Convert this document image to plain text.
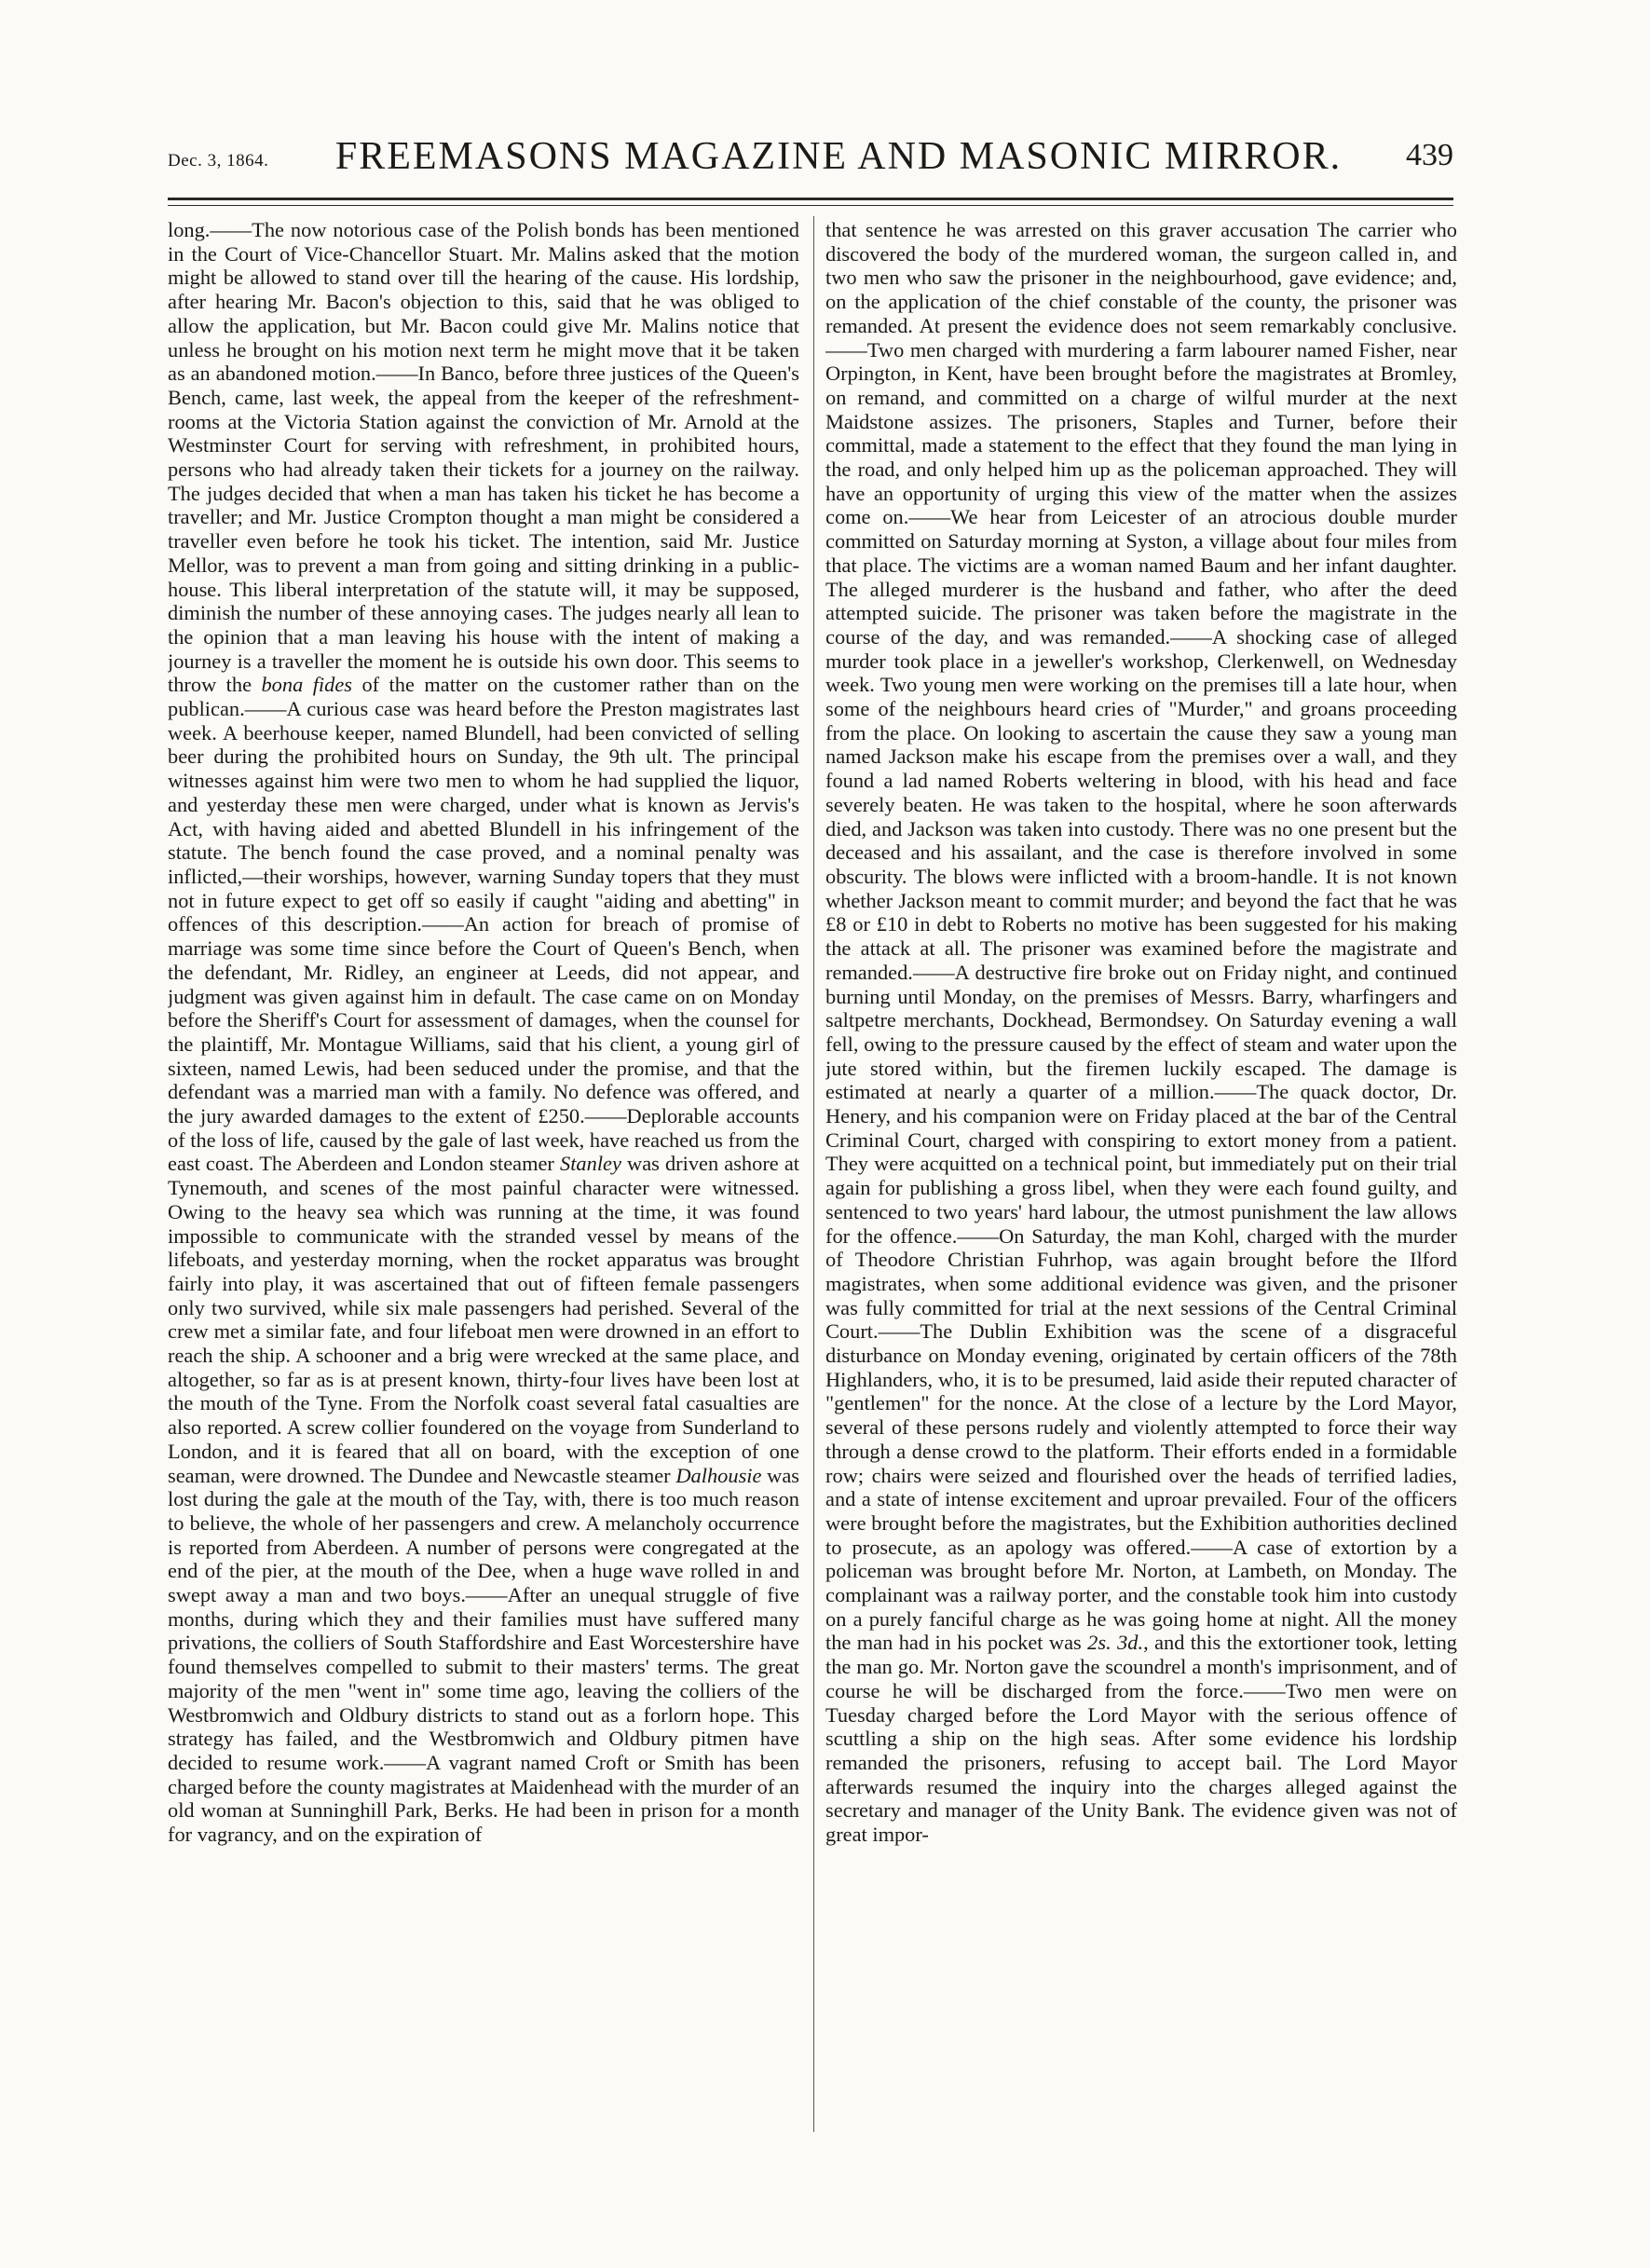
Dec. 3, 1864.	FREEMASONS MAGAZINE AND MASONIC MIRROR.	439

long.——The now notorious case of the Polish bonds has been mentioned in the Court of Vice-Chancellor Stuart. Mr. Malins asked that the motion might be allowed to stand over till the hearing of the cause. His lordship, after hearing Mr. Bacon's objection to this, said that he was obliged to allow the application, but Mr. Bacon could give Mr. Malins notice that unless he brought on his motion next term he might move that it be taken as an abandoned motion.——In Banco, before three justices of the Queen's Bench, came, last week, the appeal from the keeper of the refreshment-rooms at the Victoria Station against the conviction of Mr. Arnold at the Westminster Court for serving with refreshment, in prohibited hours, persons who had already taken their tickets for a journey on the railway. The judges decided that when a man has taken his ticket he has become a traveller; and Mr. Justice Crompton thought a man might be considered a traveller even before he took his ticket. The intention, said Mr. Justice Mellor, was to prevent a man from going and sitting drinking in a public-house. This liberal interpretation of the statute will, it may be supposed, diminish the number of these annoying cases. The judges nearly all lean to the opinion that a man leaving his house with the intent of making a journey is a traveller the moment he is outside his own door. This seems to throw the bona fides of the matter on the customer rather than on the publican.——A curious case was heard before the Preston magistrates last week. A beerhouse keeper, named Blundell, had been convicted of selling beer during the prohibited hours on Sunday, the 9th ult. The principal witnesses against him were two men to whom he had supplied the liquor, and yesterday these men were charged, under what is known as Jervis's Act, with having aided and abetted Blundell in his infringement of the statute. The bench found the case proved, and a nominal penalty was inflicted,—their worships, however, warning Sunday topers that they must not in future expect to get off so easily if caught "aiding and abetting" in offences of this description.——An action for breach of promise of marriage was some time since before the Court of Queen's Bench, when the defendant, Mr. Ridley, an engineer at Leeds, did not appear, and judgment was given against him in default. The case came on on Monday before the Sheriff's Court for assessment of damages, when the counsel for the plaintiff, Mr. Montague Williams, said that his client, a young girl of sixteen, named Lewis, had been seduced under the promise, and that the defendant was a married man with a family. No defence was offered, and the jury awarded damages to the extent of £250.——Deplorable accounts of the loss of life, caused by the gale of last week, have reached us from the east coast. The Aberdeen and London steamer Stanley was driven ashore at Tynemouth, and scenes of the most painful character were witnessed. Owing to the heavy sea which was running at the time, it was found impossible to communicate with the stranded vessel by means of the lifeboats, and yesterday morning, when the rocket apparatus was brought fairly into play, it was ascertained that out of fifteen female passengers only two survived, while six male passengers had perished. Several of the crew met a similar fate, and four lifeboat men were drowned in an effort to reach the ship. A schooner and a brig were wrecked at the same place, and altogether, so far as is at present known, thirty-four lives have been lost at the mouth of the Tyne. From the Norfolk coast several fatal casualties are also reported. A screw collier foundered on the voyage from Sunderland to London, and it is feared that all on board, with the exception of one seaman, were drowned. The Dundee and Newcastle steamer Dalhousie was lost during the gale at the mouth of the Tay, with, there is too much reason to believe, the whole of her passengers and crew. A melancholy occurrence is reported from Aberdeen. A number of persons were congregated at the end of the pier, at the mouth of the Dee, when a huge wave rolled in and swept away a man and two boys.——After an unequal struggle of five months, during which they and their families must have suffered many privations, the colliers of South Staffordshire and East Worcestershire have found themselves compelled to submit to their masters' terms. The great majority of the men "went in" some time ago, leaving the colliers of the Westbromwich and Oldbury districts to stand out as a forlorn hope. This strategy has failed, and the Westbromwich and Oldbury pitmen have decided to resume work.——A vagrant named Croft or Smith has been charged before the county magistrates at Maidenhead with the murder of an old woman at Sunninghill Park, Berks. He had been in prison for a month for vagrancy, and on the expiration of

that sentence he was arrested on this graver accusation The carrier who discovered the body of the murdered woman, the surgeon called in, and two men who saw the prisoner in the neighbourhood, gave evidence; and, on the application of the chief constable of the county, the prisoner was remanded. At present the evidence does not seem remarkably conclusive.——Two men charged with murdering a farm labourer named Fisher, near Orpington, in Kent, have been brought before the magistrates at Bromley, on remand, and committed on a charge of wilful murder at the next Maidstone assizes. The prisoners, Staples and Turner, before their committal, made a statement to the effect that they found the man lying in the road, and only helped him up as the policeman approached. They will have an opportunity of urging this view of the matter when the assizes come on.——We hear from Leicester of an atrocious double murder committed on Saturday morning at Syston, a village about four miles from that place. The victims are a woman named Baum and her infant daughter. The alleged murderer is the husband and father, who after the deed attempted suicide. The prisoner was taken before the magistrate in the course of the day, and was remanded.——A shocking case of alleged murder took place in a jeweller's workshop, Clerkenwell, on Wednesday week. Two young men were working on the premises till a late hour, when some of the neighbours heard cries of "Murder," and groans proceeding from the place. On looking to ascertain the cause they saw a young man named Jackson make his escape from the premises over a wall, and they found a lad named Roberts weltering in blood, with his head and face severely beaten. He was taken to the hospital, where he soon afterwards died, and Jackson was taken into custody. There was no one present but the deceased and his assailant, and the case is therefore involved in some obscurity. The blows were inflicted with a broom-handle. It is not known whether Jackson meant to commit murder; and beyond the fact that he was £8 or £10 in debt to Roberts no motive has been suggested for his making the attack at all. The prisoner was examined before the magistrate and remanded.——A destructive fire broke out on Friday night, and continued burning until Monday, on the premises of Messrs. Barry, wharfingers and saltpetre merchants, Dockhead, Bermondsey. On Saturday evening a wall fell, owing to the pressure caused by the effect of steam and water upon the jute stored within, but the firemen luckily escaped. The damage is estimated at nearly a quarter of a million.——The quack doctor, Dr. Henery, and his companion were on Friday placed at the bar of the Central Criminal Court, charged with conspiring to extort money from a patient. They were acquitted on a technical point, but immediately put on their trial again for publishing a gross libel, when they were each found guilty, and sentenced to two years' hard labour, the utmost punishment the law allows for the offence.——On Saturday, the man Kohl, charged with the murder of Theodore Christian Fuhrhop, was again brought before the Ilford magistrates, when some additional evidence was given, and the prisoner was fully committed for trial at the next sessions of the Central Criminal Court.——The Dublin Exhibition was the scene of a disgraceful disturbance on Monday evening, originated by certain officers of the 78th Highlanders, who, it is to be presumed, laid aside their reputed character of "gentlemen" for the nonce. At the close of a lecture by the Lord Mayor, several of these persons rudely and violently attempted to force their way through a dense crowd to the platform. Their efforts ended in a formidable row; chairs were seized and flourished over the heads of terrified ladies, and a state of intense excitement and uproar prevailed. Four of the officers were brought before the magistrates, but the Exhibition authorities declined to prosecute, as an apology was offered.——A case of extortion by a policeman was brought before Mr. Norton, at Lambeth, on Monday. The complainant was a railway porter, and the constable took him into custody on a purely fanciful charge as he was going home at night. All the money the man had in his pocket was 2s. 3d., and this the extortioner took, letting the man go. Mr. Norton gave the scoundrel a month's imprisonment, and of course he will be discharged from the force.——Two men were on Tuesday charged before the Lord Mayor with the serious offence of scuttling a ship on the high seas. After some evidence his lordship remanded the prisoners, refusing to accept bail. The Lord Mayor afterwards resumed the inquiry into the charges alleged against the secretary and manager of the Unity Bank. The evidence given was not of great impor-
